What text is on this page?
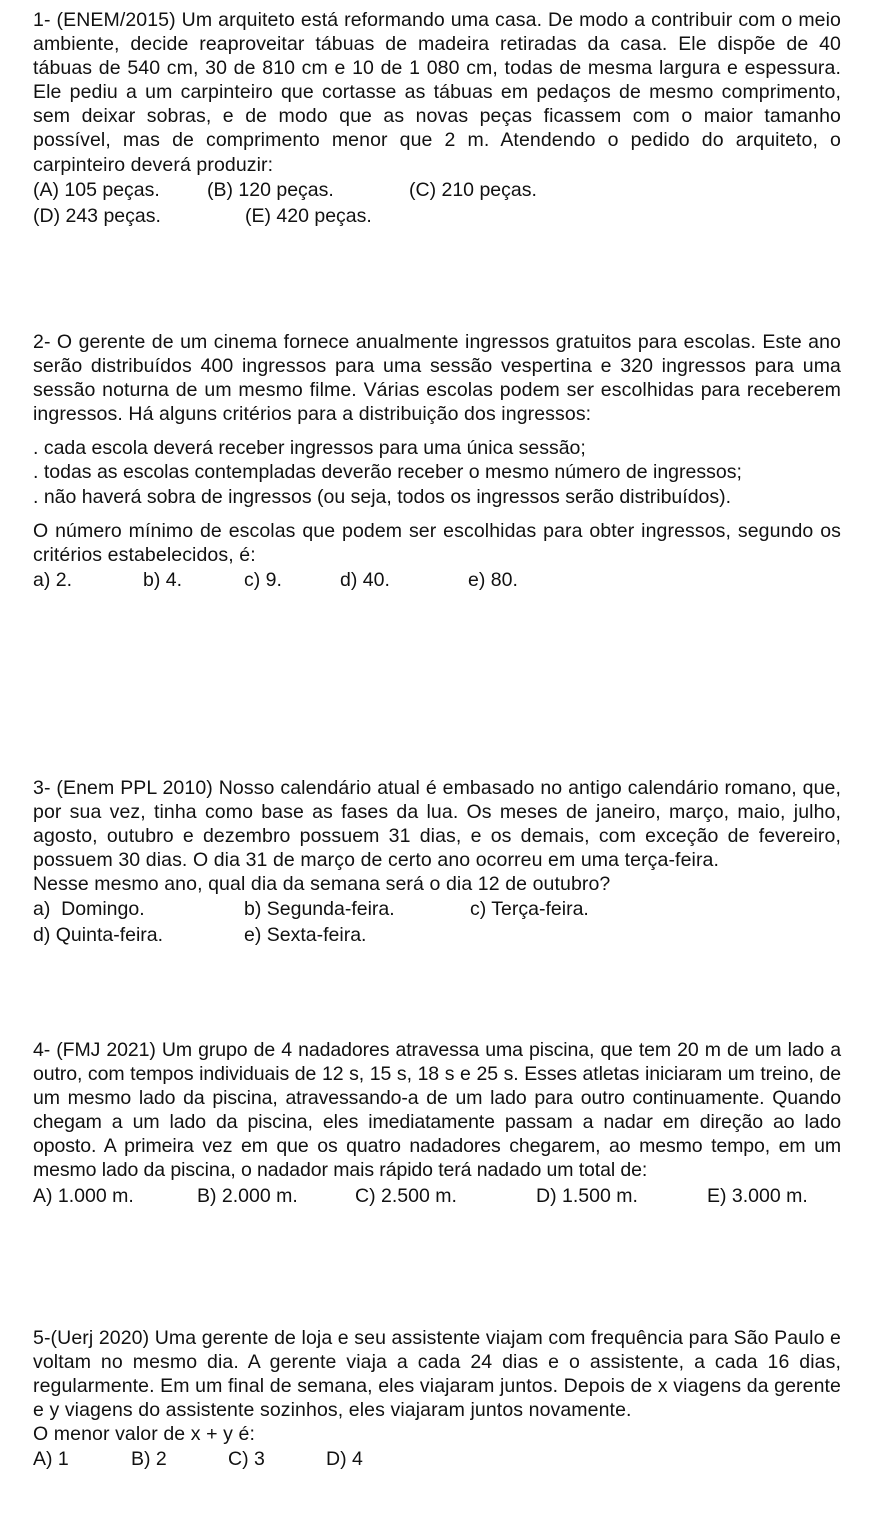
1- (ENEM/2015) Um arquiteto está reformando uma casa. De modo a contribuir com o meio ambiente, decide reaproveitar tábuas de madeira retiradas da casa. Ele dispõe de 40 tábuas de 540 cm, 30 de 810 cm e 10 de 1 080 cm, todas de mesma largura e espessura. Ele pediu a um carpinteiro que cortasse as tábuas em pedaços de mesmo comprimento, sem deixar sobras, e de modo que as novas peças ficassem com o maior tamanho possível, mas de comprimento menor que 2 m. Atendendo o pedido do arquiteto, o carpinteiro deverá produzir:

(A) 105 peças. (B) 120 peças.	(C) 210 peças.
(D) 243 peças.	(E) 420 peças.

2- O gerente de um cinema fornece anualmente ingressos gratuitos para escolas. Este ano serão distribuídos 400 ingressos para uma sessão vespertina e 320 ingressos para uma sessão noturna de um mesmo filme. Várias escolas podem ser escolhidas para receberem ingressos. Há alguns critérios para a distribuição dos ingressos:

. cada escola deverá receber ingressos para uma única sessão;

. todas as escolas contempladas deverão receber o mesmo número de ingressos;

. não haverá sobra de ingressos (ou seja, todos os ingressos serão distribuídos).

O número mínimo de escolas que podem ser escolhidas para obter ingressos, segundo os critérios estabelecidos, é:

a) 2.	b) 4.	c) 9.	d) 40.	e) 80.

3- (Enem PPL 2010) Nosso calendário atual é embasado no antigo calendário romano, que, por sua vez, tinha como base as fases da lua. Os meses de janeiro, março, maio, julho, agosto, outubro e dezembro possuem 31 dias, e os demais, com exceção de fevereiro, possuem 30 dias. O dia 31 de março de certo ano ocorreu em uma terça-feira.

Nesse mesmo ano, qual dia da semana será o dia 12 de outubro?

a)  Domingo.	b) Segunda-feira.	c) Terça-feira.
d) Quinta-feira.	e) Sexta-feira.

4- (FMJ 2021) Um grupo de 4 nadadores atravessa uma piscina, que tem 20 m de um lado a outro, com tempos individuais de 12 s, 15 s, 18 s e 25 s. Esses atletas iniciaram um treino, de um mesmo lado da piscina, atravessando-a de um lado para outro continuamente. Quando chegam a um lado da piscina, eles imediatamente passam a nadar em direção ao lado oposto. A primeira vez em que os quatro nadadores chegarem, ao mesmo tempo, em um mesmo lado da piscina, o nadador mais rápido terá nadado um total de:

A) 1.000 m.	B) 2.000 m.	C) 2.500 m.	D) 1.500 m.	E) 3.000 m.

5-(Uerj 2020) Uma gerente de loja e seu assistente viajam com frequência para São Paulo e voltam no mesmo dia. A gerente viaja a cada 24 dias e o assistente, a cada 16 dias, regularmente. Em um final de semana, eles viajaram juntos. Depois de x viagens da gerente e y viagens do assistente sozinhos, eles viajaram juntos novamente.

O menor valor de x + y é:

A) 1	B) 2	C) 3	D) 4
